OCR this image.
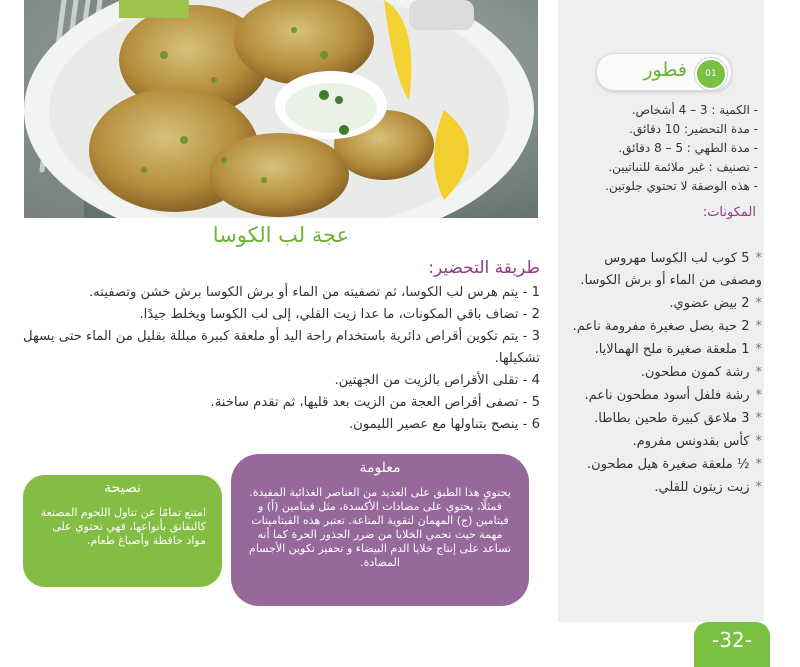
عجة لب الكوسا
طريقة التحضير:
1 - يتم هرس لب الكوسا، ثم تصفيته من الماء أو برش الكوسا برش خشن وتصفيته.
2 - تضاف باقي المكونات، ما عدا زيت القلي، إلى لب الكوسا ويخلط جيدًا.
3 - يتم تكوين أقراص دائرية باستخدام راحة اليد أو ملعقة كبيرة مبللة بقليل من الماء حتى يسهل تشكيلها.
4 - تقلى الأقراص بالزيت من الجهتين.
5 - تصفى أقراص العجة من الزيت بعد قليها، ثم تقدم ساخنة.
6 - ينصح بتناولها مع عصير الليمون.
01
فطور
- الكمية : 3 – 4 أشخاص.
- مدة التحضير: 10 دقائق.
- مدة الطهي : 5 – 8 دقائق.
- تصنيف : غير ملائمة للنباتيين.
- هذه الوصفة لا تحتوي جلوتين.
المكونات:
*5 كوب لب الكوسا مهروس ومصفى من الماء أو برش الكوسا.
*2 بيض عضوي.
*2 حبة بصل صغيرة مفرومة ناعم.
*1 ملعقة صغيرة ملح الهمالايا.
*رشة كمون مطحون.
*رشة فلفل أسود مطحون ناعم.
*3 ملاعق كبيرة طحين بطاطا.
*كأس بقدونس مفروم.
*½ ملعقة صغيرة هيل مطحون.
*زيت زيتون للقلي.
معلومة
يحتوي هذا الطبق على العديد من العناصر الغذائية المفيدة. فمثلًا، يحتوي على مضادات الأكسدة، مثل فيتامين (أ) و فيتامين (ج) المهمان لتقوية المناعة. تعتبر هذه الفيتامينات مهمة حيث تحمي الخلايا من ضرر الجذور الحرة كما أنه تساعد على إنتاج خلايا الدم البيضاء و تحفيز تكوين الأجسام المضادة.
نصيحة
امتنع تمامًا عن تناول اللحوم المصنعة كالنقانق بأنواعها، فهي تحتوي على مواد حافظة وأصباغ طعام.
-32-
